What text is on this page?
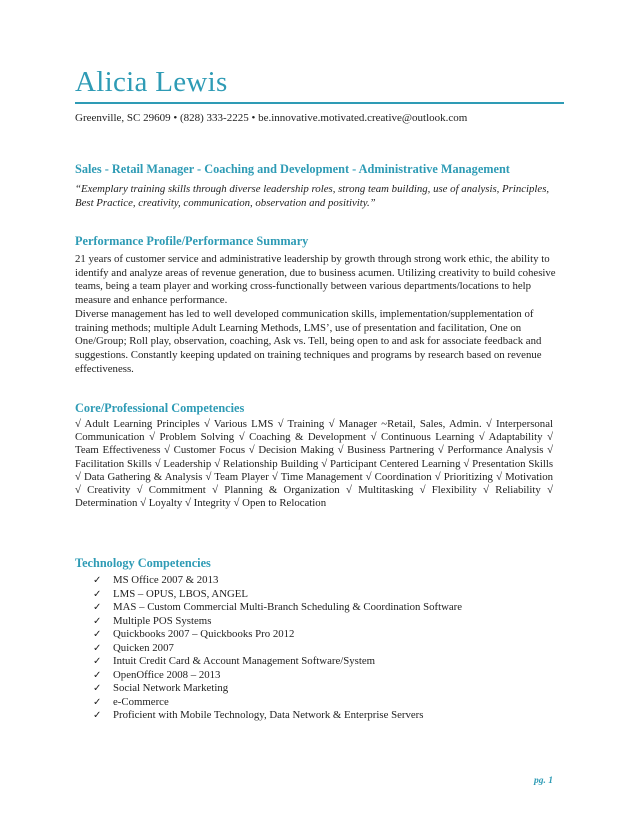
Alicia Lewis
Greenville, SC 29609 • (828) 333-2225 • be.innovative.motivated.creative@outlook.com
Sales - Retail Manager - Coaching and Development - Administrative Management
“Exemplary training skills through diverse leadership roles, strong team building, use of analysis, Principles, Best Practice, creativity, communication, observation and positivity.”
Performance Profile/Performance Summary

21 years of customer service and administrative leadership by growth through strong work ethic, the ability to identify and analyze areas of revenue generation, due to business acumen. Utilizing creativity to build cohesive teams, being a team player and working cross-functionally between various departments/locations to help measure and enhance performance.

Diverse management has led to well developed communication skills, implementation/supplementation of training methods; multiple Adult Learning Methods, LMS’, use of presentation and facilitation, One on One/Group; Roll play, observation, coaching, Ask vs. Tell, being open to and ask for associate feedback and suggestions. Constantly keeping updated on training techniques and programs by research based on revenue effectiveness.

Core/Professional Competencies
√ Adult Learning Principles √ Various LMS √ Training √ Manager ~Retail, Sales, Admin. √ Interpersonal Communication √ Problem Solving √ Coaching & Development √ Continuous Learning √ Adaptability √ Team Effectiveness √ Customer Focus √ Decision Making √ Business Partnering √ Performance Analysis √ Facilitation Skills √ Leadership √ Relationship Building √ Participant Centered Learning √ Presentation Skills √ Data Gathering & Analysis √ Team Player √ Time Management √ Coordination √ Prioritizing √ Motivation √ Creativity √ Commitment √ Planning & Organization √ Multitasking √ Flexibility √ Reliability √ Determination √ Loyalty √ Integrity √ Open to Relocation
Technology Competencies
✓	MS Office 2007 & 2013
✓	LMS – OPUS, LBOS, ANGEL
✓	MAS – Custom Commercial Multi-Branch Scheduling & Coordination Software
✓	Multiple POS Systems
✓	Quickbooks 2007 – Quickbooks Pro 2012
✓	Quicken 2007
✓	Intuit Credit Card & Account Management Software/System
✓	OpenOffice 2008 – 2013
✓	Social Network Marketing
✓	e-Commerce
✓	Proficient with Mobile Technology, Data Network & Enterprise Servers
pg. 1
